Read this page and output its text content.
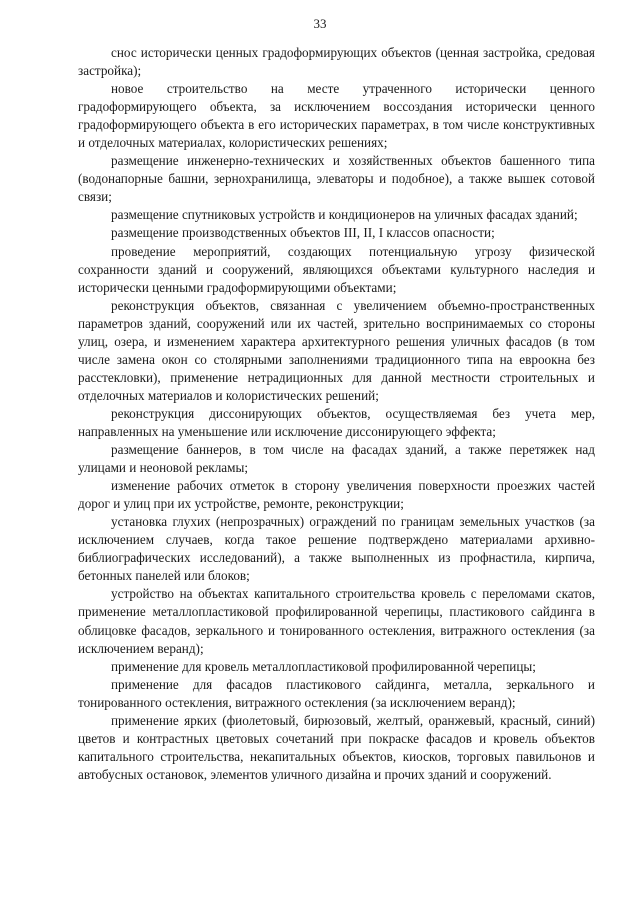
33

снос исторически ценных градоформирующих объектов (ценная застройка, средовая застройка);

новое строительство на месте утраченного исторически ценного градоформирующего объекта, за исключением воссоздания исторически ценного градоформирующего объекта в его исторических параметрах, в том числе конструктивных и отделочных материалах, колористических решениях;

размещение инженерно-технических и хозяйственных объектов башенного типа (водонапорные башни, зернохранилища, элеваторы и подобное), а также вышек сотовой связи;

размещение спутниковых устройств и кондиционеров на уличных фасадах зданий;

размещение производственных объектов III, II, I классов опасности;

проведение мероприятий, создающих потенциальную угрозу физической сохранности зданий и сооружений, являющихся объектами культурного наследия и исторически ценными градоформирующими объектами;

реконструкция объектов, связанная с увеличением объемно-пространственных параметров зданий, сооружений или их частей, зрительно воспринимаемых со стороны улиц, озера, и изменением характера архитектурного решения уличных фасадов (в том числе замена окон со столярными заполнениями традиционного типа на евроокна без расстекловки), применение нетрадиционных для данной местности строительных и отделочных материалов и колористических решений;

реконструкция диссонирующих объектов, осуществляемая без учета мер, направленных на уменьшение или исключение диссонирующего эффекта;

размещение баннеров, в том числе на фасадах зданий, а также перетяжек над улицами и неоновой рекламы;

изменение рабочих отметок в сторону увеличения поверхности проезжих частей дорог и улиц при их устройстве, ремонте, реконструкции;

установка глухих (непрозрачных) ограждений по границам земельных участков (за исключением случаев, когда такое решение подтверждено материалами архивно-библиографических исследований), а также выполненных из профнастила, кирпича, бетонных панелей или блоков;

устройство на объектах капитального строительства кровель с переломами скатов, применение металлопластиковой профилированной черепицы, пластикового сайдинга в облицовке фасадов, зеркального и тонированного остекления, витражного остекления (за исключением веранд);

применение для кровель металлопластиковой профилированной черепицы;

применение для фасадов пластикового сайдинга, металла, зеркального и тонированного остекления, витражного остекления (за исключением веранд);

применение ярких (фиолетовый, бирюзовый, желтый, оранжевый, красный, синий) цветов и контрастных цветовых сочетаний при покраске фасадов и кровель объектов капитального строительства, некапитальных объектов, киосков, торговых павильонов и автобусных остановок, элементов уличного дизайна и прочих зданий и сооружений.
